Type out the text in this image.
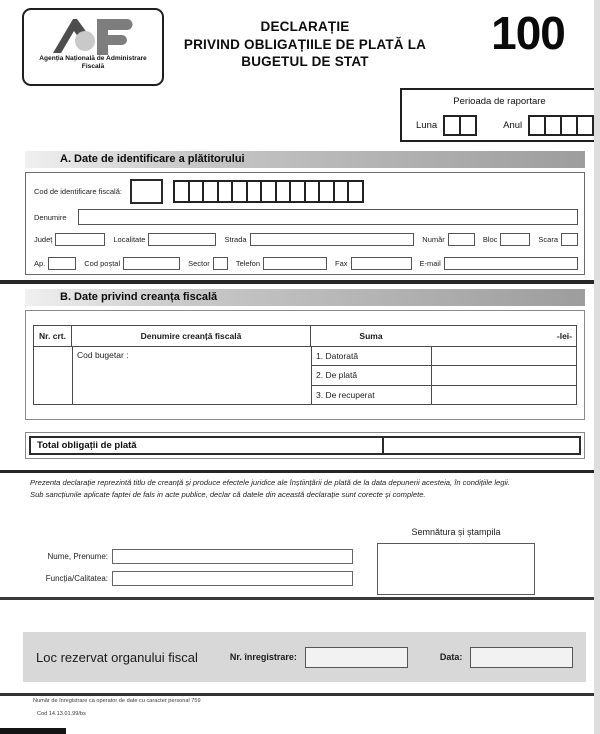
Agenția Națională de Administrare
Fiscală
DECLARAȚIE
PRIVIND OBLIGAȚIILE DE PLATĂ LA
BUGETUL DE STAT
100
Perioada de raportare
Luna	Anul
A. Date de identificare a plătitorului
Cod de identificare fiscală:
Denumire
Județ	Localitate	Strada	Număr	Bloc	Scara
Ap.	Cod poștal	Sector	Telefon	Fax	E-mail
B. Date privind creanța fiscală
Nr. crt.	Denumire creanță fiscală	Suma	-lei-
Cod bugetar :	1. Datorată
2. De plată
3. De recuperat
Total obligații de plată
Prezenta declarație reprezintă titlu de creanță și produce efectele juridice ale înștiințării de plată de la data depunerii acesteia, în condițiile legii.
Sub sancțiunile aplicate faptei de fals in acte publice, declar că datele din această declarație sunt corecte și complete.
Semnătura și ștampila
Nume, Prenume:
Funcția/Calitatea:
Loc rezervat organului fiscal	Nr. înregistrare:	Data:
Număr de înregistrare ca operator de date cu caracter personal 759
Cod 14.13.01.99/bs
